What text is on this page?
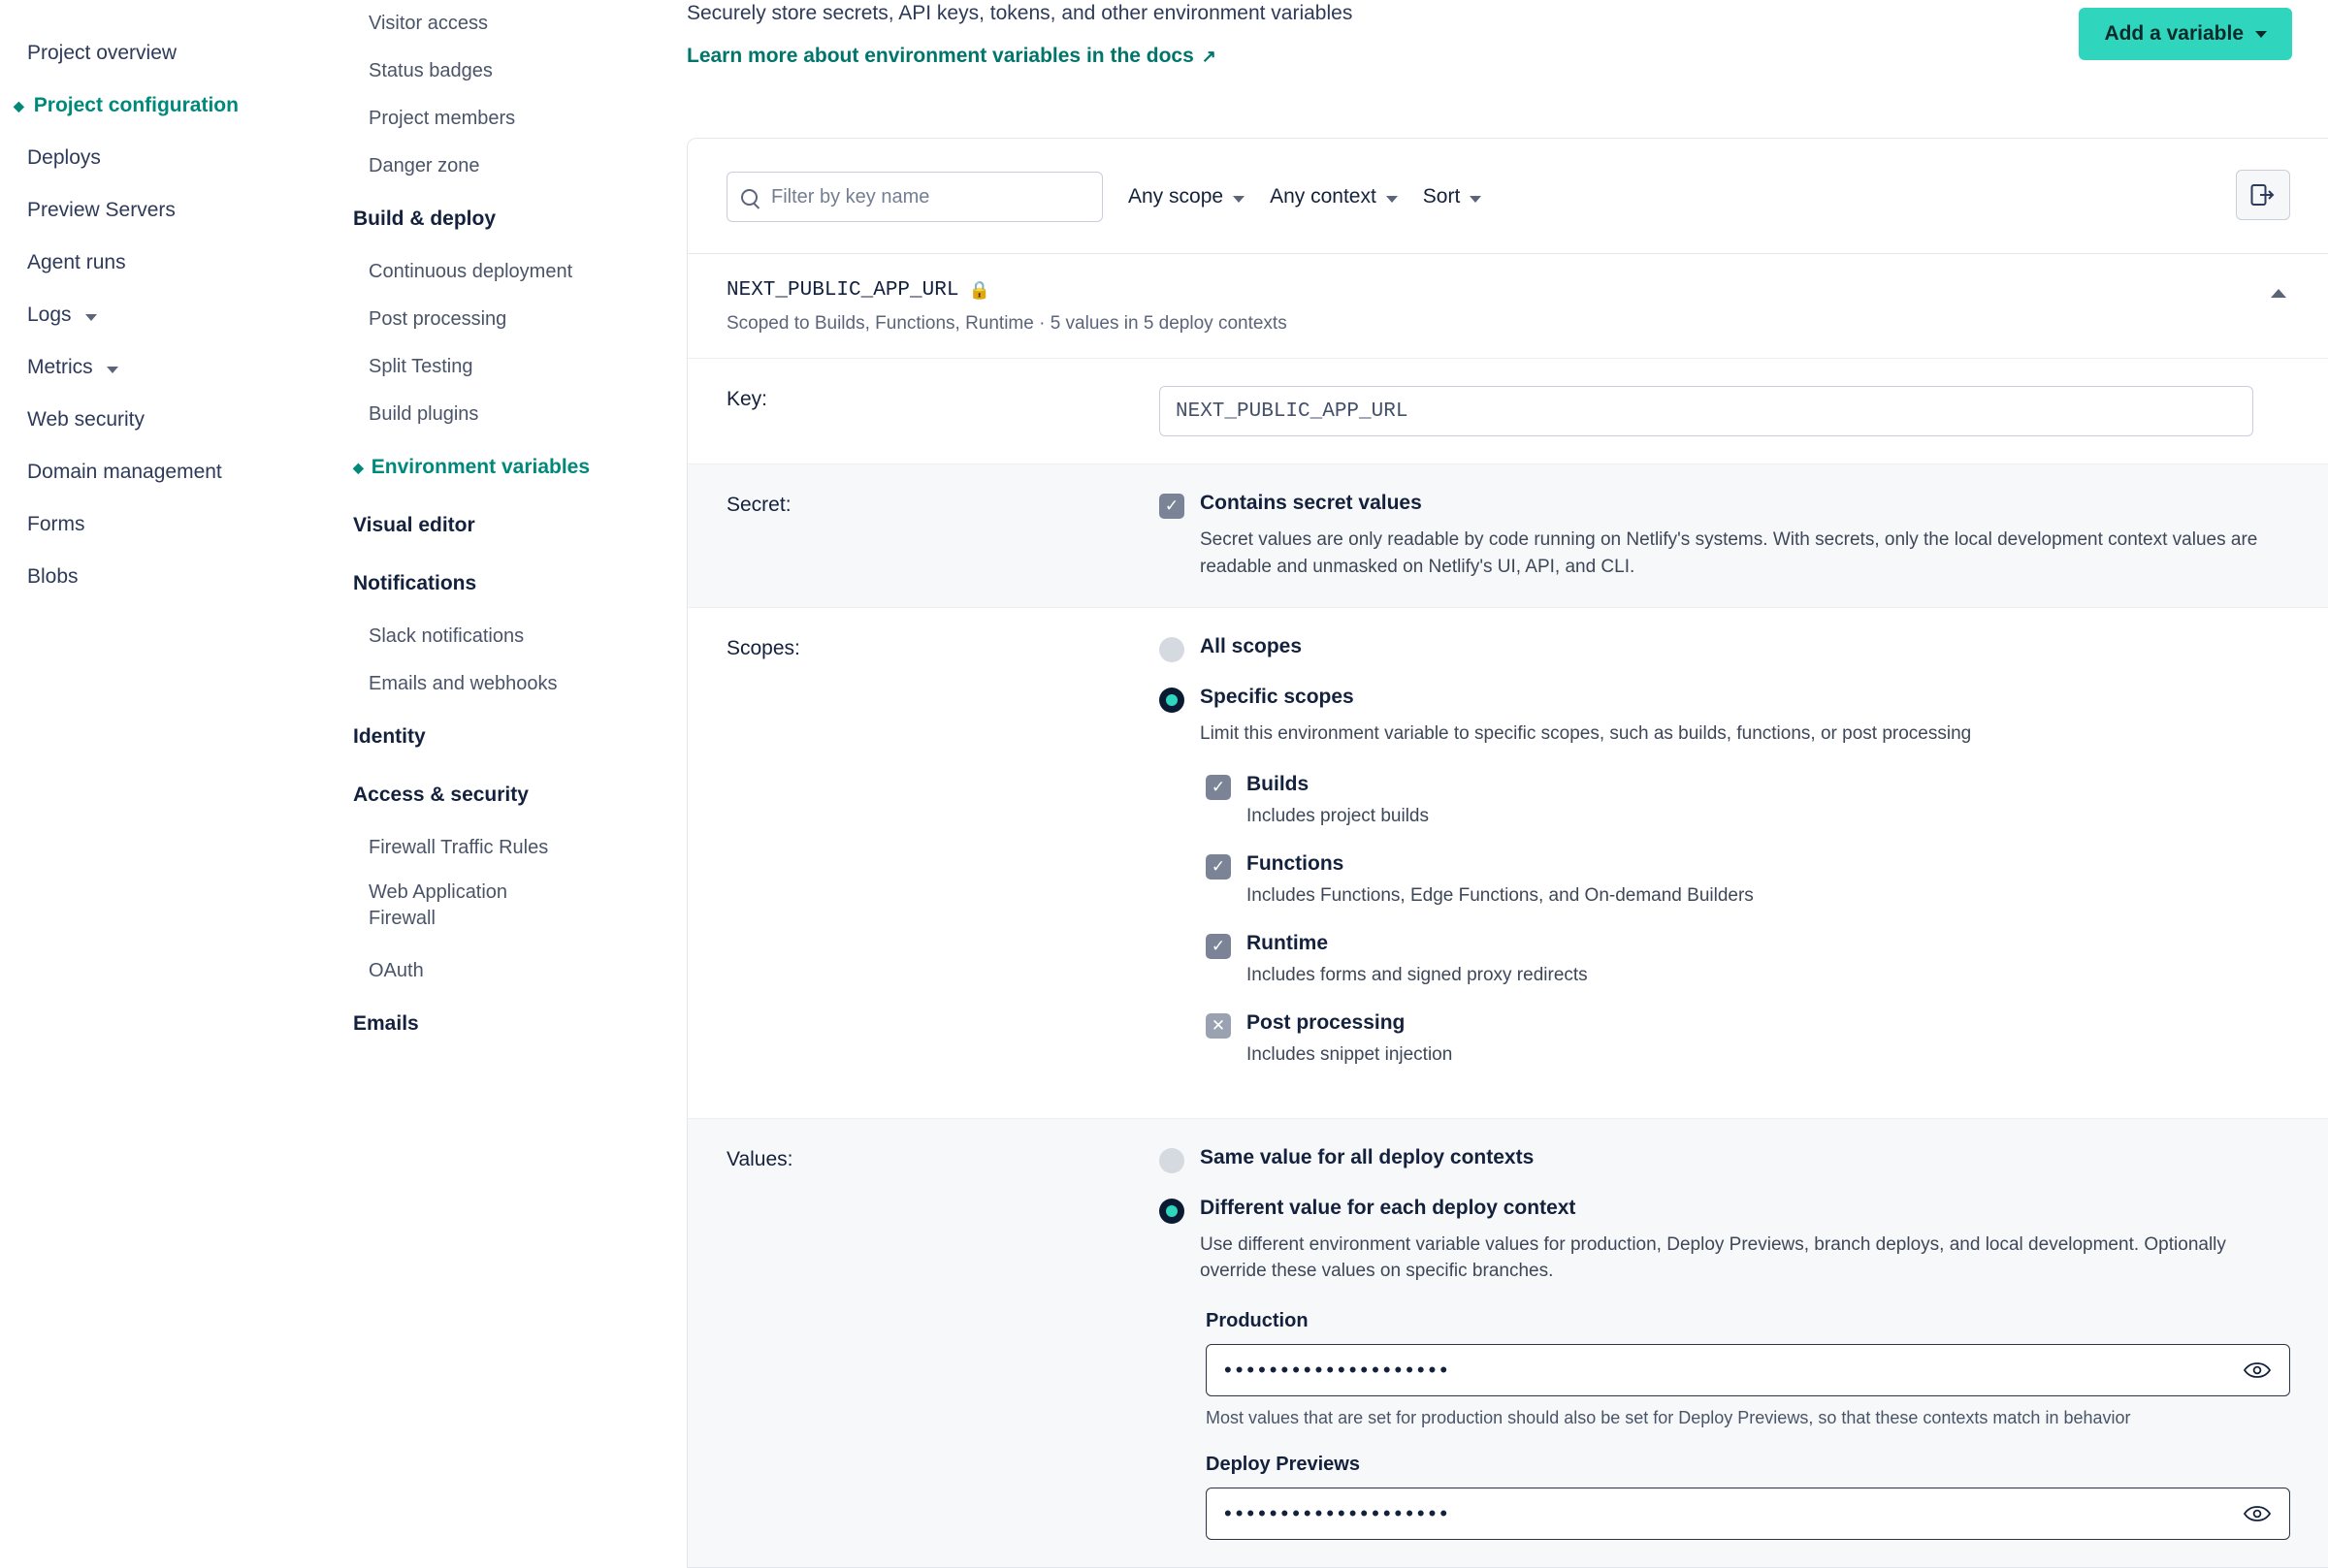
Project overview
◆ Project configuration
Deploys
Preview Servers
Agent runs
Logs
Metrics
Web security
Domain management
Forms
Blobs
Visitor access
Status badges
Project members
Danger zone
Build & deploy
Continuous deployment
Post processing
Split Testing
Build plugins
◆ Environment variables
Visual editor
Notifications
Slack notifications
Emails and webhooks
Identity
Access & security
Firewall Traffic Rules
Web Application Firewall
OAuth
Emails
Securely store secrets, API keys, tokens, and other environment variables
Learn more about environment variables in the docs ↗
Add a variable
Filter by key name
Any scope Any context Sort
NEXT_PUBLIC_APP_URL 🔒
Scoped to Builds, Functions, Runtime · 5 values in 5 deploy contexts
Key:
NEXT_PUBLIC_APP_URL
Secret:	✓ Contains secret values
Secret values are only readable by code running on Netlify's systems. With secrets, only the local development context values are readable and unmasked on Netlify's UI, API, and CLI.
Scopes:	All scopes
Specific scopes
Limit this environment variable to specific scopes, such as builds, functions, or post processing
✓ Builds
Includes project builds
✓ Functions
Includes Functions, Edge Functions, and On-demand Builders
✓ Runtime
Includes forms and signed proxy redirects
✕ Post processing
Includes snippet injection
Values:	Same value for all deploy contexts
Different value for each deploy context
Use different environment variable values for production, Deploy Previews, branch deploys, and local development. Optionally override these values on specific branches.
Production
••••••••••••••••••••
Most values that are set for production should also be set for Deploy Previews, so that these contexts match in behavior
Deploy Previews
••••••••••••••••••••
